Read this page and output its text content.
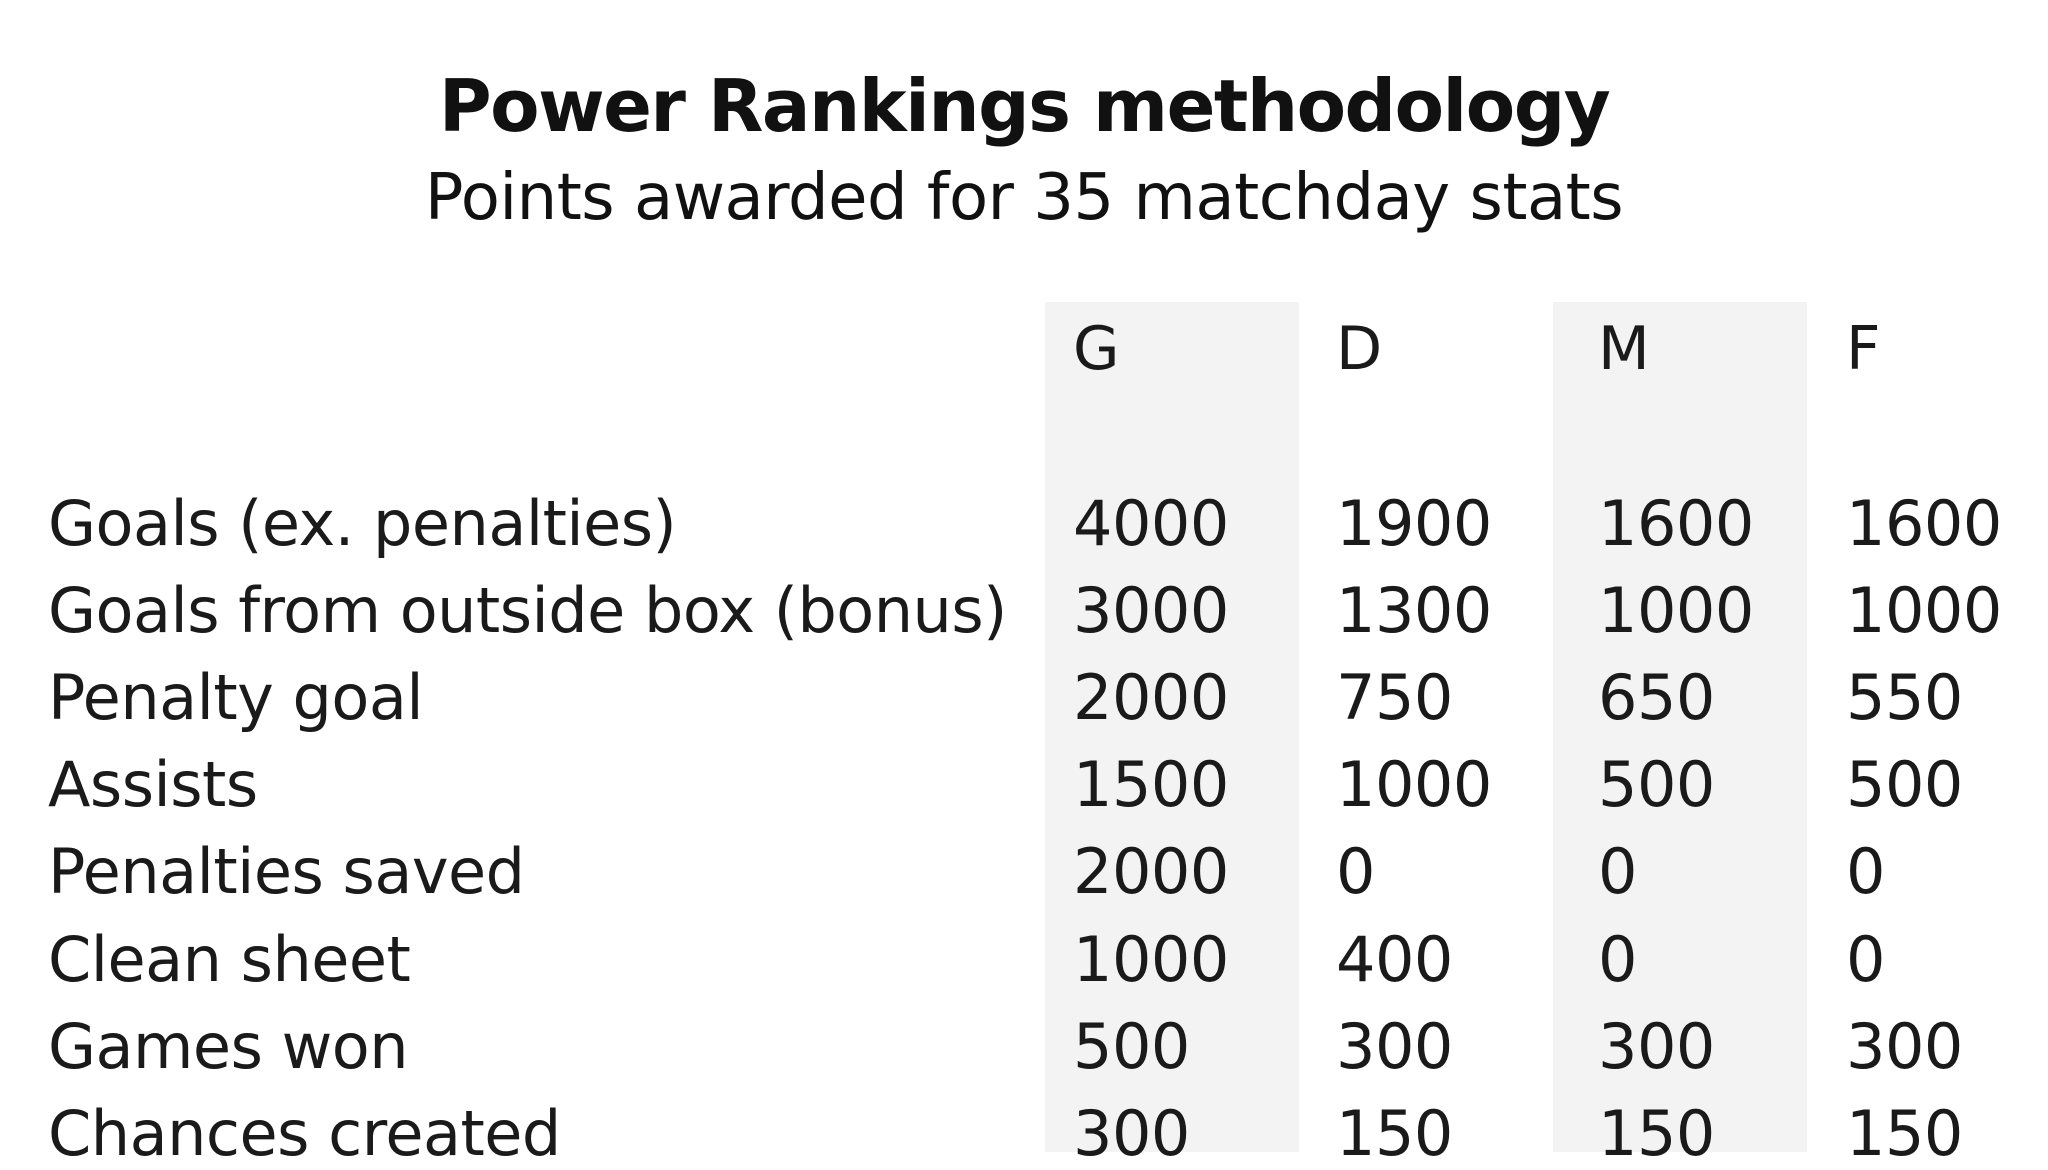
Power Rankings methodology
Points awarded for 35 matchday stats
G	D	M	F
Goals (ex. penalties)	4000 1900 1600 1600
Goals from outside box (bonus) 3000 1300 1000 1000
Penalty goal	2000 750 650 550
Assists	1500 1000 500 500
Penalties saved	2000 0	0	0
Clean sheet	1000 400 0	0
Games won	500 300 300 300
Chances created	300 150 150 150
